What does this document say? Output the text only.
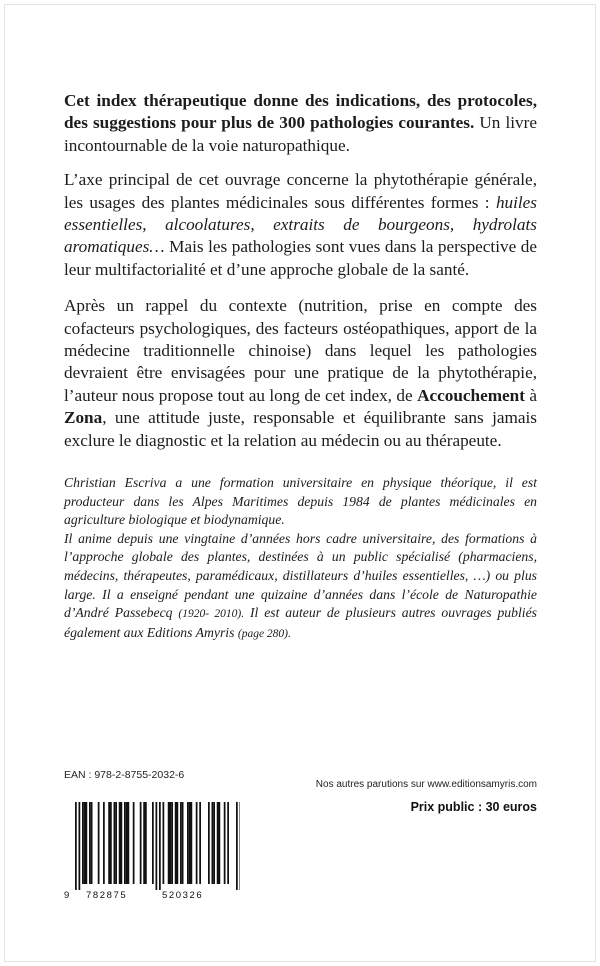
Cet index thérapeutique donne des indications, des protocoles, des suggestions pour plus de 300 pathologies courantes. Un livre incontournable de la voie naturopathique.

L’axe principal de cet ouvrage concerne la phytothérapie générale, les usages des plantes médicinales sous différentes formes : huiles essentielles, alcoolatures, extraits de bourgeons, hydrolats aromatiques… Mais les pathologies sont vues dans la perspective de leur multifactorialité et d’une approche globale de la santé.

Après un rappel du contexte (nutrition, prise en compte des cofacteurs psychologiques, des facteurs ostéopathiques, apport de la médecine traditionnelle chinoise) dans lequel les pathologies devraient être envisagées pour une pratique de la phytothérapie, l’auteur nous propose tout au long de cet index, de Accouchement à Zona, une attitude juste, responsable et équilibrante sans jamais exclure le diagnostic et la relation au médecin ou au thérapeute.

Christian Escriva a une formation universitaire en physique théorique, il est producteur dans les Alpes Maritimes depuis 1984 de plantes médicinales en agriculture biologique et biodynamique.

Il anime depuis une vingtaine d’années hors cadre universitaire, des formations à l’approche globale des plantes, destinées à un public spécialisé (pharmaciens, médecins, thérapeutes, paramédicaux, distillateurs d’huiles essentielles, …) ou plus large. Il a enseigné pendant une quizaine d’années dans l’école de Naturopathie d’André Passebecq (1920- 2010). Il est auteur de plusieurs autres ouvrages publiés également aux Editions Amyris (page 280).

EAN : 978-2-8755-2032-6
Nos autres parutions sur www.editionsamyris.com
Prix public : 30 euros
9 782875	520326
